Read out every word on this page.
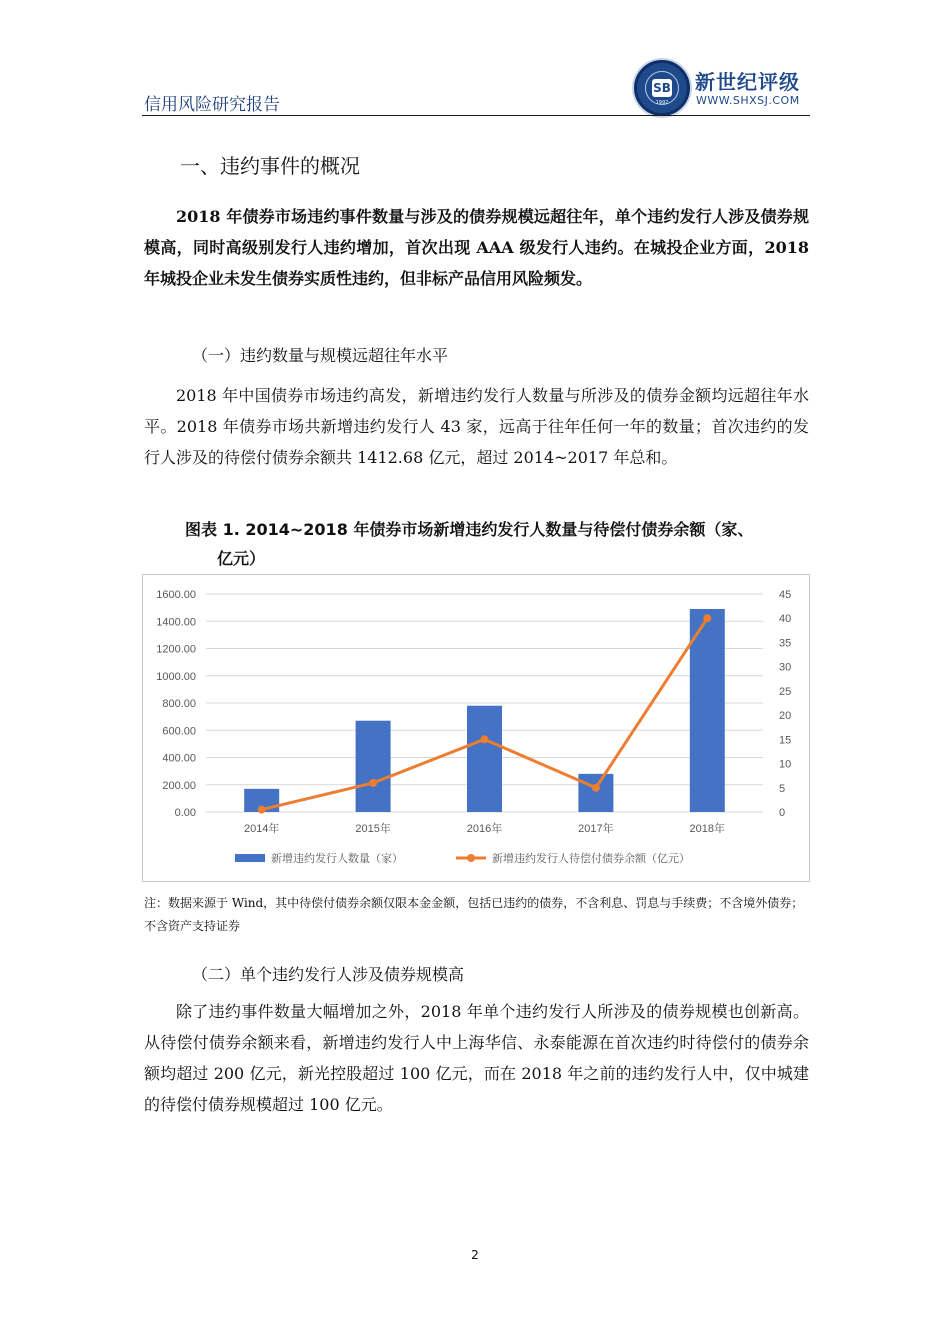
信用风险研究报告
SB
1992
新世纪评级
WWW.SHXSJ.COM
一、违约事件的概况
2018 年债券市场违约事件数量与涉及的债券规模远超往年，单个违约发行人涉及债券规模高，同时高级别发行人违约增加，首次出现 AAA 级发行人违约。在城投企业方面，2018 年城投企业未发生债券实质性违约，但非标产品信用风险频发。
（一）违约数量与规模远超往年水平
2018 年中国债券市场违约高发，新增违约发行人数量与所涉及的债券金额均远超往年水平。2018 年债券市场共新增违约发行人 43 家，远高于往年任何一年的数量；首次违约的发行人涉及的待偿付债券余额共 1412.68 亿元，超过 2014~2017 年总和。
图表 1. 2014~2018 年债券市场新增违约发行人数量与待偿付债券余额（家、
亿元）
0.00
200.00
400.00
600.00
800.00
1000.00
1200.00
1400.00
1600.00
0
5
10
15
20
25
30
35
40
45
2014年	2015年	2016年	2017年	2018年
新增违约发行人数量（家）	新增违约发行人待偿付债券余额（亿元）
注：数据来源于 Wind，其中待偿付债券余额仅限本金金额，包括已违约的债券，不含利息、罚息与手续费；不含境外债券；不含资产支持证券
（二）单个违约发行人涉及债券规模高
除了违约事件数量大幅增加之外，2018 年单个违约发行人所涉及的债券规模也创新高。从待偿付债券余额来看，新增违约发行人中上海华信、永泰能源在首次违约时待偿付的债券余额均超过 200 亿元，新光控股超过 100 亿元，而在 2018 年之前的违约发行人中，仅中城建的待偿付债券规模超过 100 亿元。
2
